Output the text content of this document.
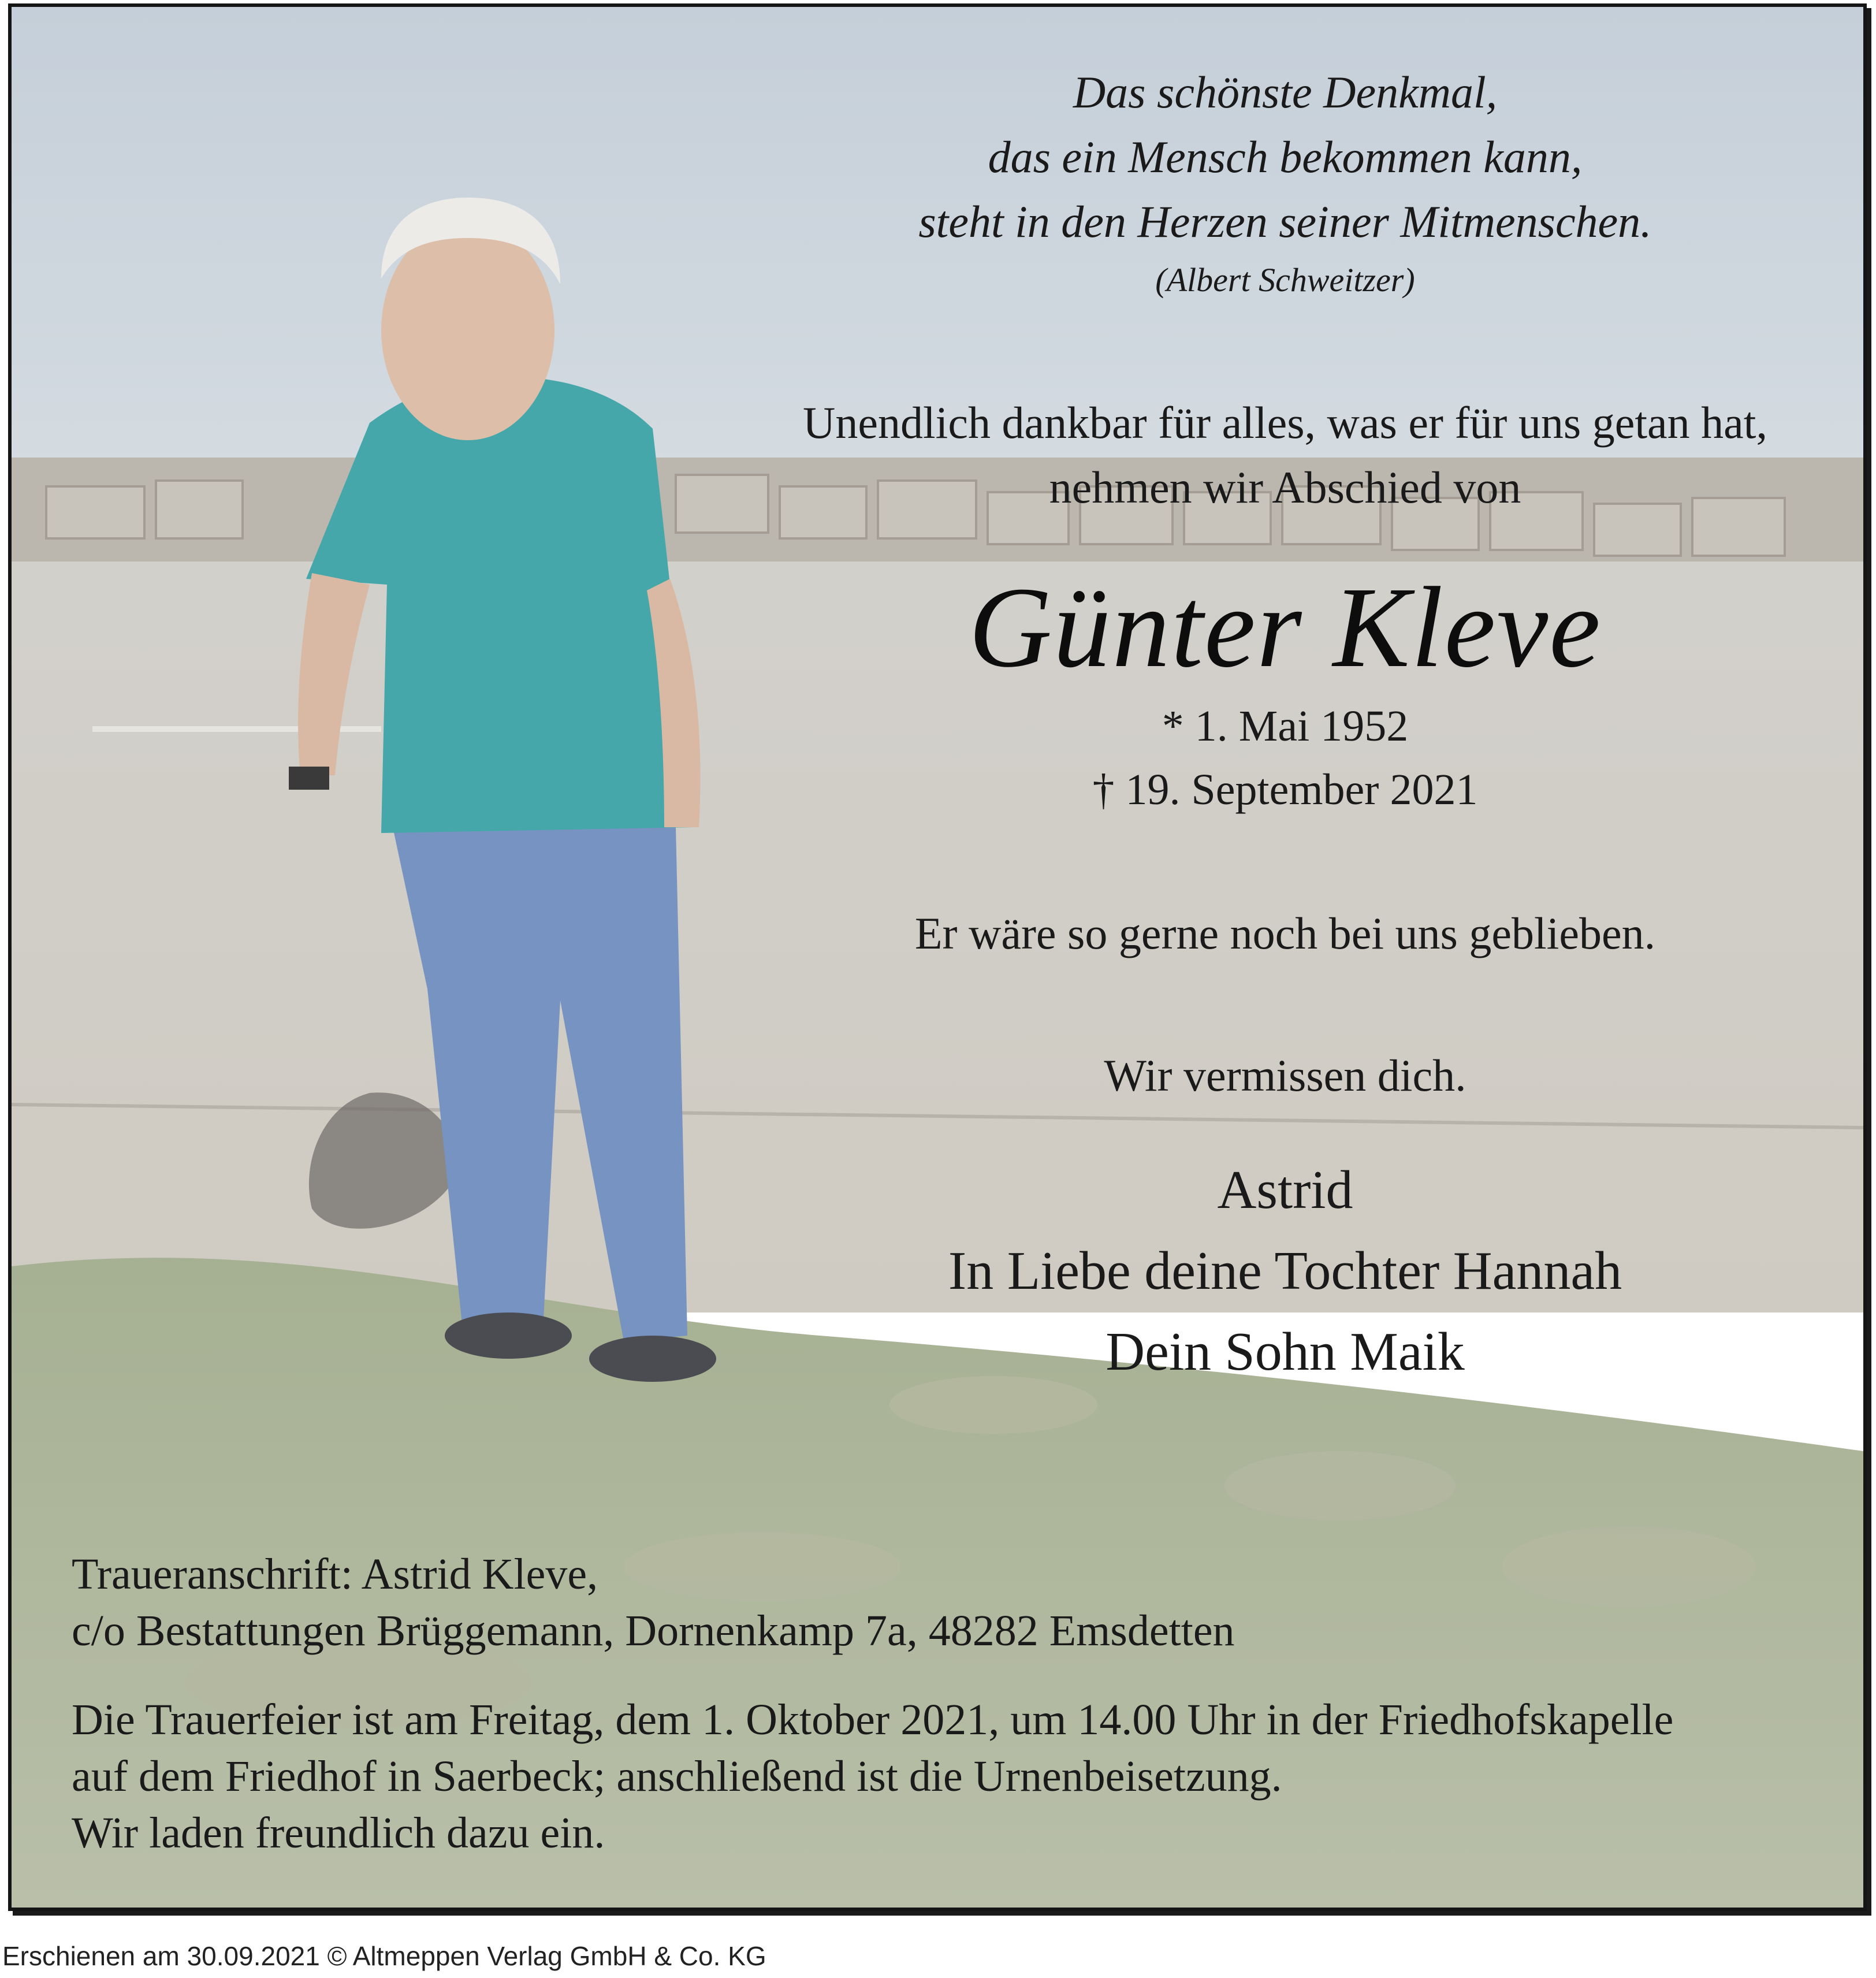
Das schönste Denkmal,
das ein Mensch bekommen kann,
steht in den Herzen seiner Mitmenschen.
(Albert Schweitzer)
Unendlich dankbar für alles, was er für uns getan hat,
nehmen wir Abschied von
Günter Kleve
* 1. Mai 1952
† 19. September 2021
Er wäre so gerne noch bei uns geblieben.
Wir vermissen dich.
Astrid
In Liebe deine Tochter Hannah
Dein Sohn Maik
Traueranschrift: Astrid Kleve,
c/o Bestattungen Brüggemann, Dornenkamp 7a, 48282 Emsdetten
Die Trauerfeier ist am Freitag, dem 1. Oktober 2021, um 14.00 Uhr in der Friedhofskapelle
auf dem Friedhof in Saerbeck; anschließend ist die Urnenbeisetzung.
Wir laden freundlich dazu ein.
Erschienen am 30.09.2021 © Altmeppen Verlag GmbH & Co. KG
